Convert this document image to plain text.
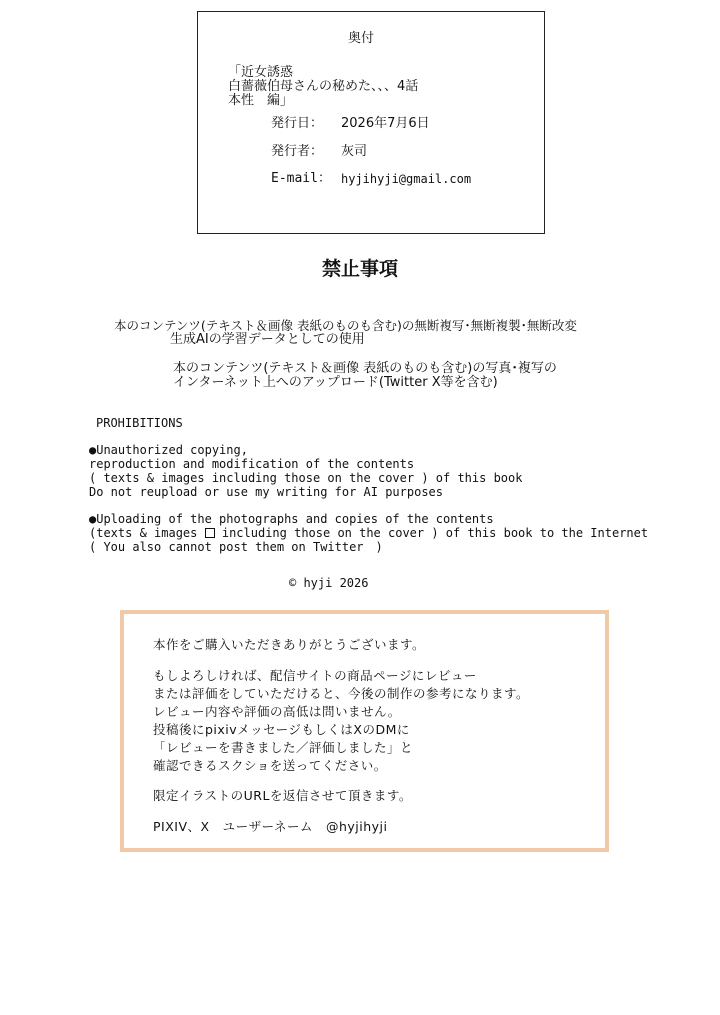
奥付
「近女誘惑
白薔薇伯母さんの秘めた、、、4話
本性　編」
発行日： 2026年7月6日
発行者： 灰司
E-mail： hyjihyji@gmail.com
禁止事項
本のコンテンツ(テキスト＆画像 表紙のものも含む)の無断複写･無断複製･無断改変
生成AIの学習データとしての使用
本のコンテンツ(テキスト＆画像 表紙のものも含む)の写真･複写の
インターネット上へのアップロード(Twitter X等を含む)
PROHIBITIONS
●Unauthorized copying,
reproduction and modification of the contents
( texts & images including those on the cover ) of this book
Do not reupload or use my writing for AI purposes
●Uploading of the photographs and copies of the contents
(texts & images including those on the cover ) of this book to the Internet
( You also cannot post them on Twitter　)
© hyji 2026
本作をご購入いただきありがとうございます。
もしよろしければ、配信サイトの商品ページにレビュー
または評価をしていただけると、今後の制作の参考になります。
レビュー内容や評価の高低は問いません。
投稿後にpixivメッセージもしくはXのDMに
「レビューを書きました／評価しました」と
確認できるスクショを送ってください。
限定イラストのURLを返信させて頂きます。
PIXIV、X　ユーザーネーム　@hyjihyji
